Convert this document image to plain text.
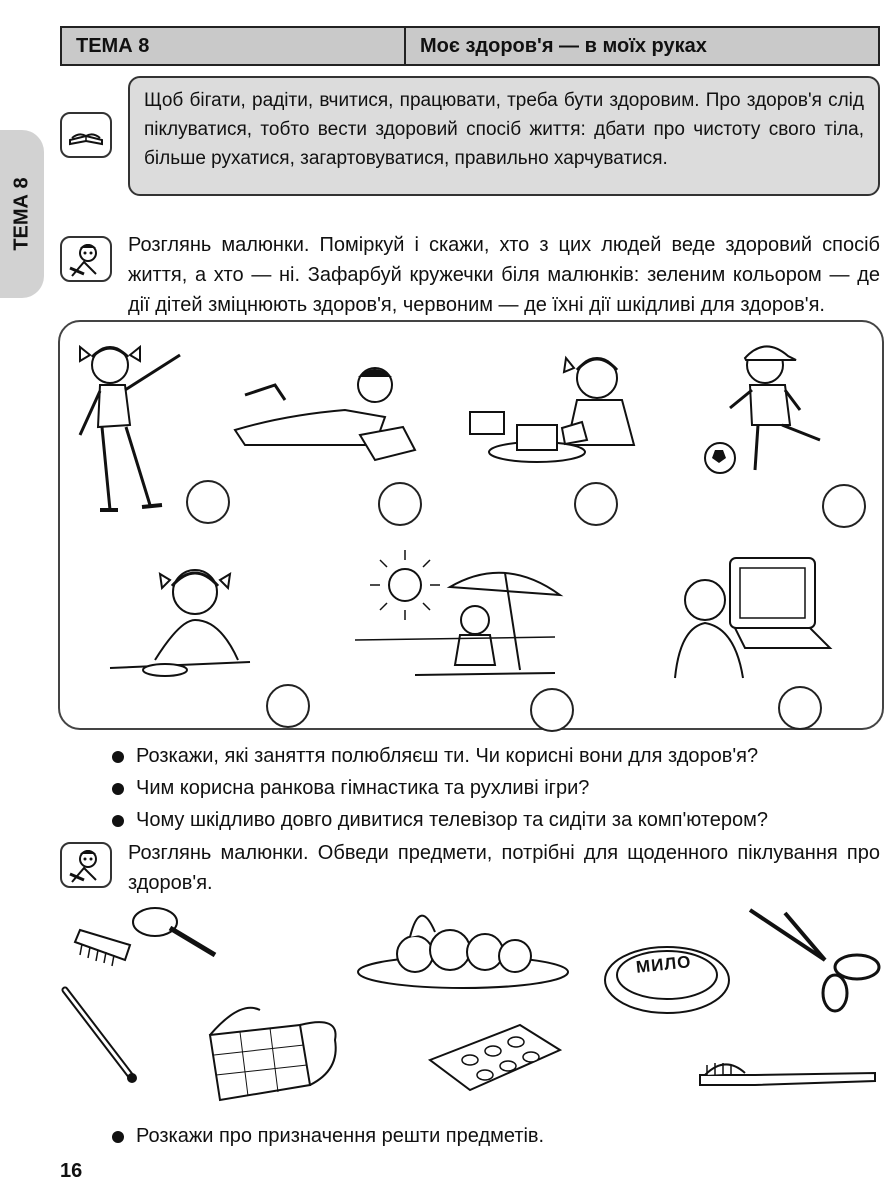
ТЕМА 8	Моє здоров'я — в моїх руках
ТЕМА 8
Щоб бігати, радіти, вчитися, працювати, треба бути здоровим. Про здоров'я слід піклуватися, тобто вести здоровий спосіб життя: дбати про чистоту свого тіла, більше рухатися, загартовуватися, правильно харчуватися.
Розглянь малюнки. Поміркуй і скажи, хто з цих людей веде здоровий спосіб життя, а хто — ні. Зафарбуй кружечки біля малюнків: зеленим кольором — де дії дітей зміцнюють здоров'я, червоним — де їхні дії шкідливі для здоров'я.
Розкажи, які заняття полюбляєш ти. Чи корисні вони для здоров'я?
Чим корисна ранкова гімнастика та рухливі ігри?
Чому шкідливо довго дивитися телевізор та сидіти за комп'ютером?
Розглянь малюнки. Обведи предмети, потрібні для щоденного піклування про здоров'я.
МИЛО
Розкажи про призначення решти предметів.
16
